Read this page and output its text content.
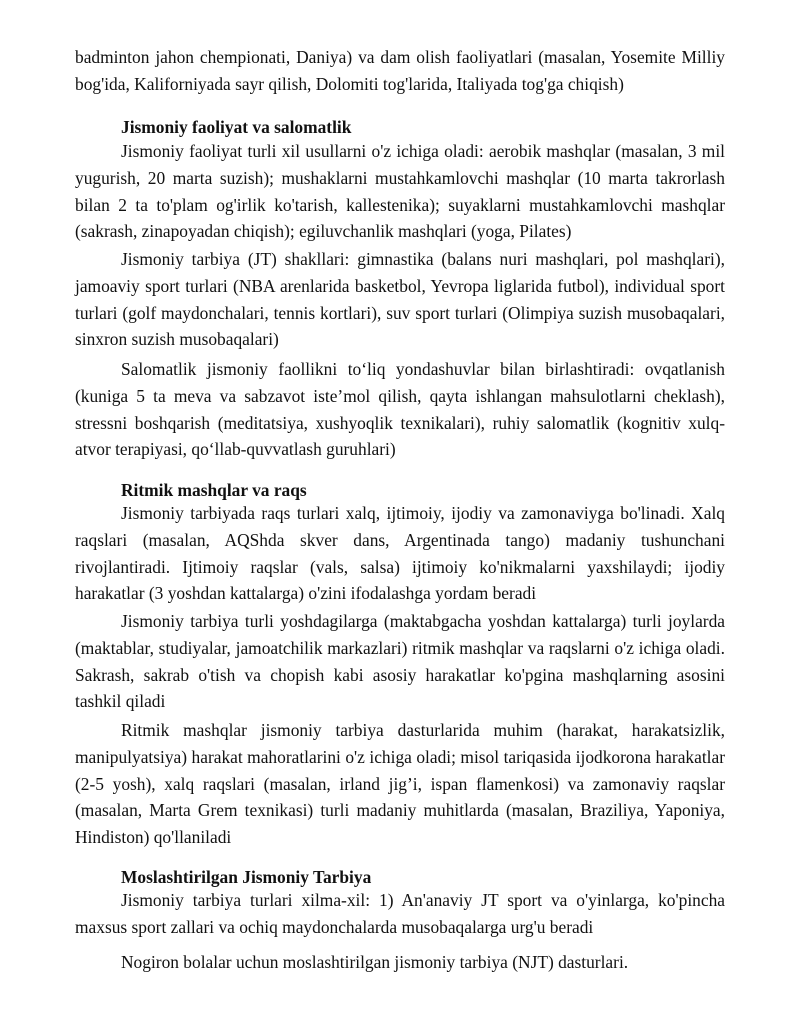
badminton jahon chempionati, Daniya) va dam olish faoliyatlari (masalan, Yosemite Milliy bog'ida, Kaliforniyada sayr qilish, Dolomiti tog'larida, Italiyada tog'ga chiqish)

Jismoniy faoliyat va salomatlik

Jismoniy faoliyat turli xil usullarni o'z ichiga oladi: aerobik mashqlar (masalan, 3 mil yugurish, 20 marta suzish); mushaklarni mustahkamlovchi mashqlar (10 marta takrorlash bilan 2 ta to'plam og'irlik ko'tarish, kallestenika); suyaklarni mustahkamlovchi mashqlar (sakrash, zinapoyadan chiqish); egiluvchanlik mashqlari (yoga, Pilates)

Jismoniy tarbiya (JT) shakllari: gimnastika (balans nuri mashqlari, pol mashqlari), jamoaviy sport turlari (NBA arenlarida basketbol, Yevropa liglarida futbol), individual sport turlari (golf maydonchalari, tennis kortlari), suv sport turlari (Olimpiya suzish musobaqalari, sinxron suzish musobaqalari)

Salomatlik jismoniy faollikni to‘liq yondashuvlar bilan birlashtiradi: ovqatlanish (kuniga 5 ta meva va sabzavot iste’mol qilish, qayta ishlangan mahsulotlarni cheklash), stressni boshqarish (meditatsiya, xushyoqlik texnikalari), ruhiy salomatlik (kognitiv xulq-atvor terapiyasi, qo‘llab-quvvatlash guruhlari)

Ritmik mashqlar va raqs

Jismoniy tarbiyada raqs turlari xalq, ijtimoiy, ijodiy va zamonaviyga bo'linadi. Xalq raqslari (masalan, AQShda skver dans, Argentinada tango) madaniy tushunchani rivojlantiradi. Ijtimoiy raqslar (vals, salsa) ijtimoiy ko'nikmalarni yaxshilaydi; ijodiy harakatlar (3 yoshdan kattalarga) o'zini ifodalashga yordam beradi

Jismoniy tarbiya turli yoshdagilarga (maktabgacha yoshdan kattalarga) turli joylarda (maktablar, studiyalar, jamoatchilik markazlari) ritmik mashqlar va raqslarni o'z ichiga oladi. Sakrash, sakrab o'tish va chopish kabi asosiy harakatlar ko'pgina mashqlarning asosini tashkil qiladi

Ritmik mashqlar jismoniy tarbiya dasturlarida muhim (harakat, harakatsizlik, manipulyatsiya) harakat mahoratlarini o'z ichiga oladi; misol tariqasida ijodkorona harakatlar (2-5 yosh), xalq raqslari (masalan, irland jig’i, ispan flamenkosi) va zamonaviy raqslar (masalan, Marta Grem texnikasi) turli madaniy muhitlarda (masalan, Braziliya, Yaponiya, Hindiston) qo'llaniladi

Moslashtirilgan Jismoniy Tarbiya

Jismoniy tarbiya turlari xilma-xil: 1) An'anaviy JT sport va o'yinlarga, ko'pincha maxsus sport zallari va ochiq maydonchalarda musobaqalarga urg'u beradi

Nogiron bolalar uchun moslashtirilgan jismoniy tarbiya (NJT) dasturlari.
